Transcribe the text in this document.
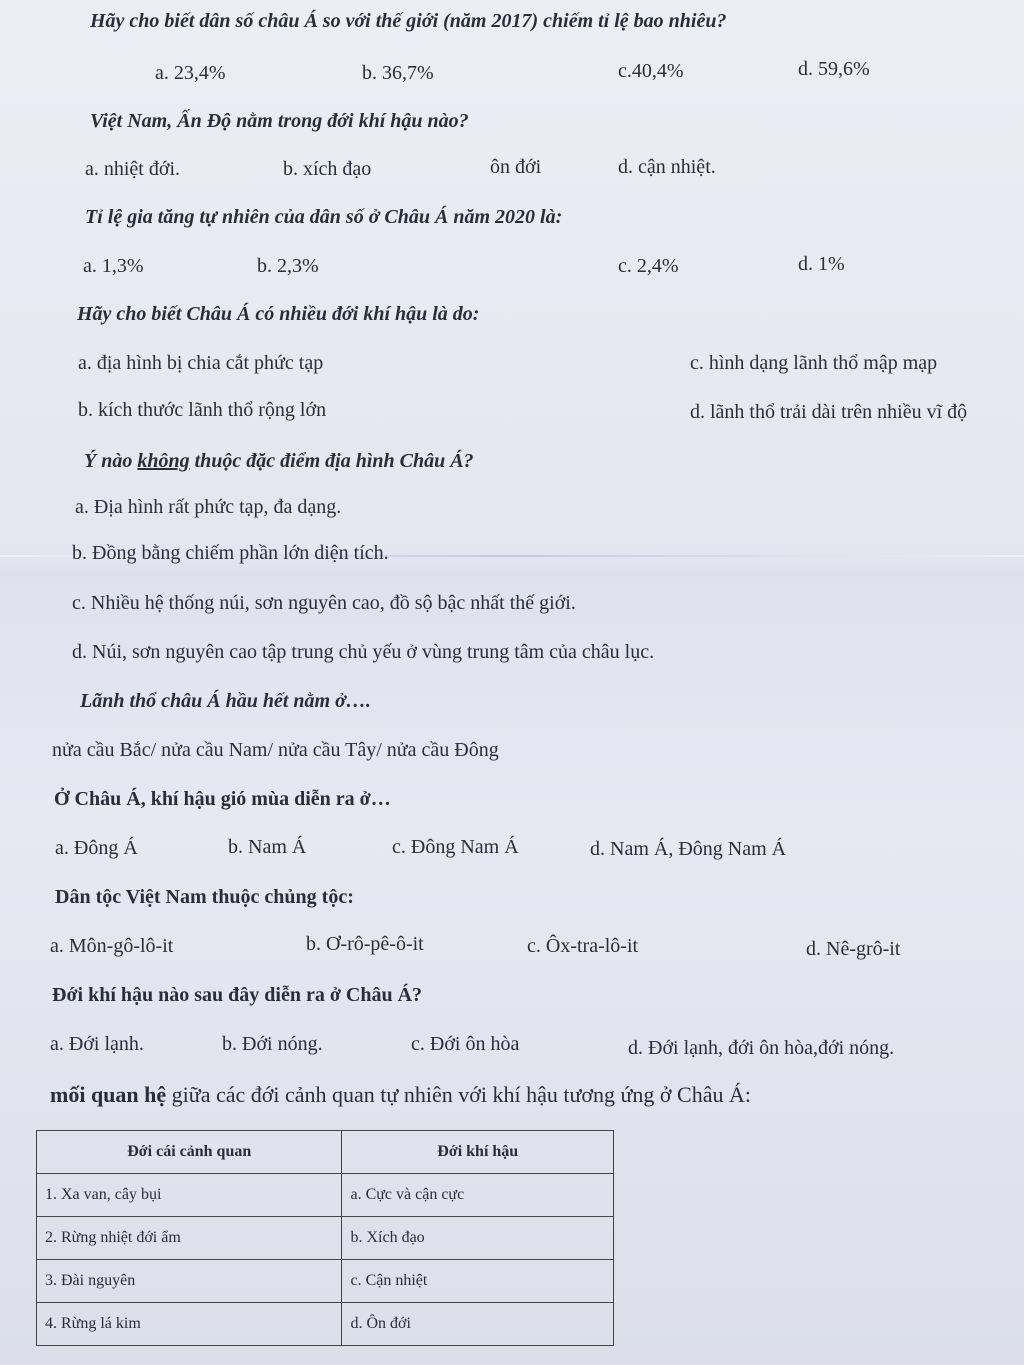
Hãy cho biết dân số châu Á so với thế giới (năm 2017) chiếm tỉ lệ bao nhiêu?
a. 23,4%	b. 36,7%	c.40,4%	d. 59,6%
Việt Nam, Ấn Độ nằm trong đới khí hậu nào?
a. nhiệt đới.	b. xích đạo	ôn đới	d. cận nhiệt.
Tỉ lệ gia tăng tự nhiên của dân số ở Châu Á năm 2020 là:
a. 1,3%	b. 2,3%	c. 2,4%	d. 1%
Hãy cho biết Châu Á có nhiều đới khí hậu là do:
a. địa hình bị chia cắt phức tạp	c. hình dạng lãnh thổ mập mạp
b. kích thước lãnh thổ rộng lớn	d. lãnh thổ trải dài trên nhiều vĩ độ
Ý nào không thuộc đặc điểm địa hình Châu Á?
a. Địa hình rất phức tạp, đa dạng.
b. Đồng bằng chiếm phần lớn diện tích.
c. Nhiều hệ thống núi, sơn nguyên cao, đồ sộ bậc nhất thế giới.
d. Núi, sơn nguyên cao tập trung chủ yếu ở vùng trung tâm của châu lục.
Lãnh thổ châu Á hầu hết nằm ở….
nửa cầu Bắc/ nửa cầu Nam/ nửa cầu Tây/ nửa cầu Đông
Ở Châu Á, khí hậu gió mùa diễn ra ở…
a. Đông Á	b. Nam Á	c. Đông Nam Á	d. Nam Á, Đông Nam Á
Dân tộc Việt Nam thuộc chủng tộc:
a. Môn-gô-lô-it	b. Ơ-rô-pê-ô-it	c. Ôx-tra-lô-it	d. Nê-grô-it
Đới khí hậu nào sau đây diễn ra ở Châu Á?
a. Đới lạnh.	b. Đới nóng.	c. Đới ôn hòa	d. Đới lạnh, đới ôn hòa,đới nóng.
mối quan hệ giữa các đới cảnh quan tự nhiên với khí hậu tương ứng ở Châu Á:
Đới cái cảnh quan	Đới khí hậu
1. Xa van, cây bụi	a. Cực và cận cực
2. Rừng nhiệt đới ẩm	b. Xích đạo
3. Đài nguyên	c. Cận nhiệt
4. Rừng lá kim	d. Ôn đới
